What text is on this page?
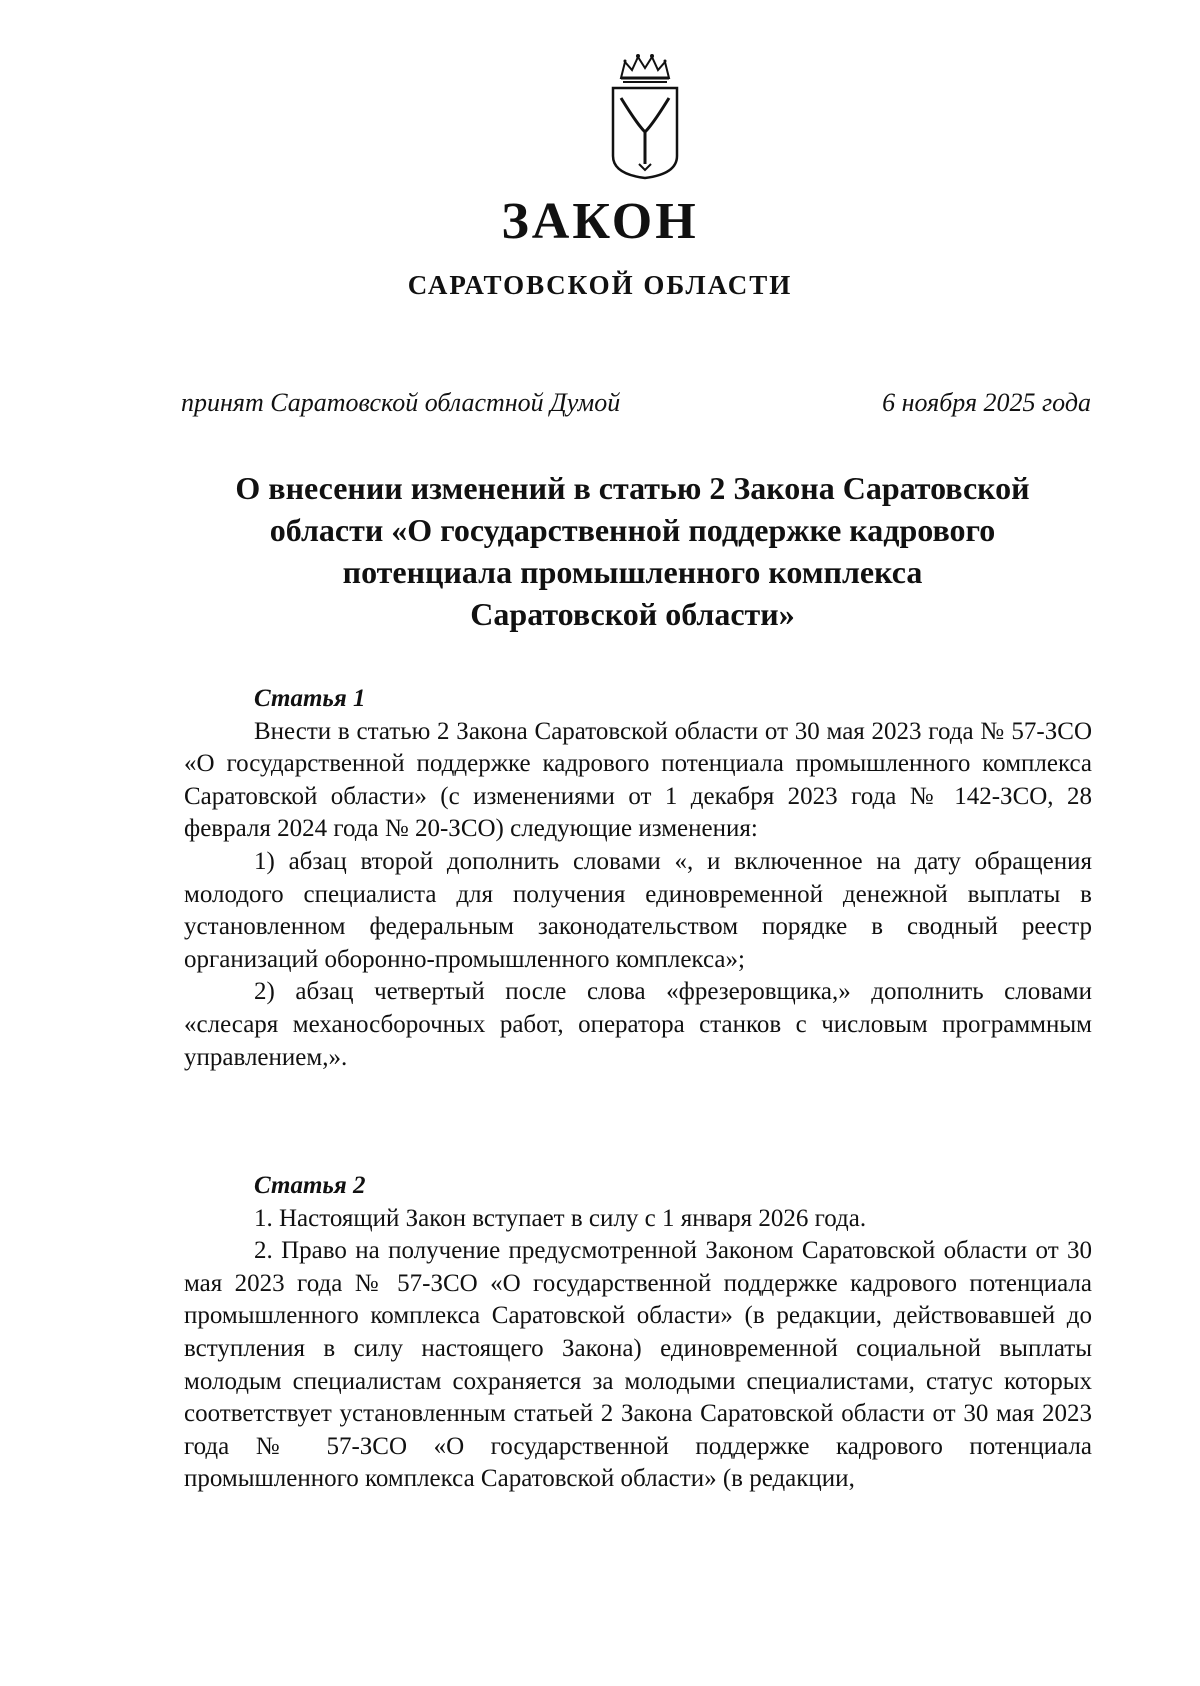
ЗАКОН
САРАТОВСКОЙ ОБЛАСТИ
принят Саратовской областной Думой	6 ноября 2025 года
О внесении изменений в статью 2 Закона Саратовской
области «О государственной поддержке кадрового
потенциала промышленного комплекса
Саратовской области»
Статья 1

Внести в статью 2 Закона Саратовской области от 30 мая 2023 года № 57-ЗСО «О государственной поддержке кадрового потенциала промышленного комплекса Саратовской области» (с изменениями от 1 декабря 2023 года № 142-ЗСО, 28 февраля 2024 года № 20-ЗСО) следующие изменения:

1) абзац второй дополнить словами «, и включенное на дату обращения молодого специалиста для получения единовременной денежной выплаты в установленном федеральным законодательством порядке в сводный реестр организаций оборонно-промышленного комплекса»;

2) абзац четвертый после слова «фрезеровщика,» дополнить словами «слесаря механосборочных работ, оператора станков с числовым программным управлением,».

Статья 2

1. Настоящий Закон вступает в силу с 1 января 2026 года.

2. Право на получение предусмотренной Законом Саратовской области от 30 мая 2023 года № 57-ЗСО «О государственной поддержке кадрового потенциала промышленного комплекса Саратовской области» (в редакции, действовавшей до вступления в силу настоящего Закона) единовременной социальной выплаты молодым специалистам сохраняется за молодыми специалистами, статус которых соответствует установленным статьей 2 Закона Саратовской области от 30 мая 2023 года № 57-ЗСО «О государственной поддержке кадрового потенциала промышленного комплекса Саратовской области» (в редакции,
